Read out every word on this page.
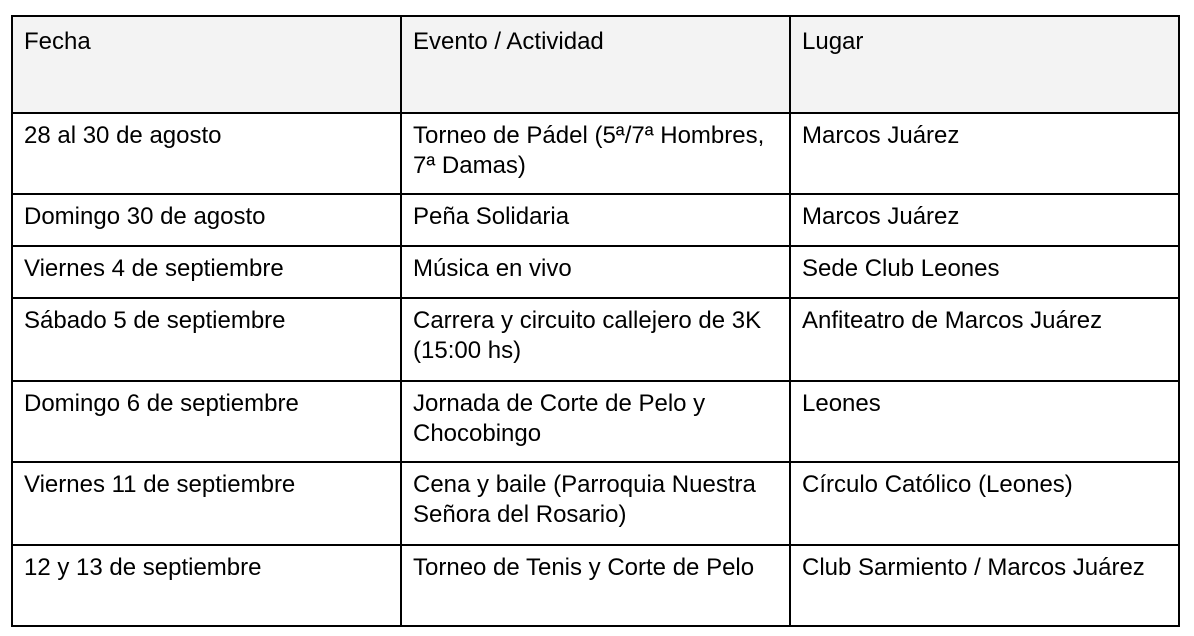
Fecha	Evento / Actividad	Lugar
28 al 30 de agosto	Torneo de Pádel (5ª/7ª Hombres, 7ª Damas)	Marcos Juárez
Domingo 30 de agosto	Peña Solidaria	Marcos Juárez
Viernes 4 de septiembre	Música en vivo	Sede Club Leones
Sábado 5 de septiembre	Carrera y circuito callejero de 3K (15:00 hs)	Anfiteatro de Marcos Juárez
Domingo 6 de septiembre	Jornada de Corte de Pelo y Chocobingo	Leones
Viernes 11 de septiembre	Cena y baile (Parroquia Nuestra Señora del Rosario)	Círculo Católico (Leones)
12 y 13 de septiembre	Torneo de Tenis y Corte de Pelo	Club Sarmiento / Marcos Juárez
